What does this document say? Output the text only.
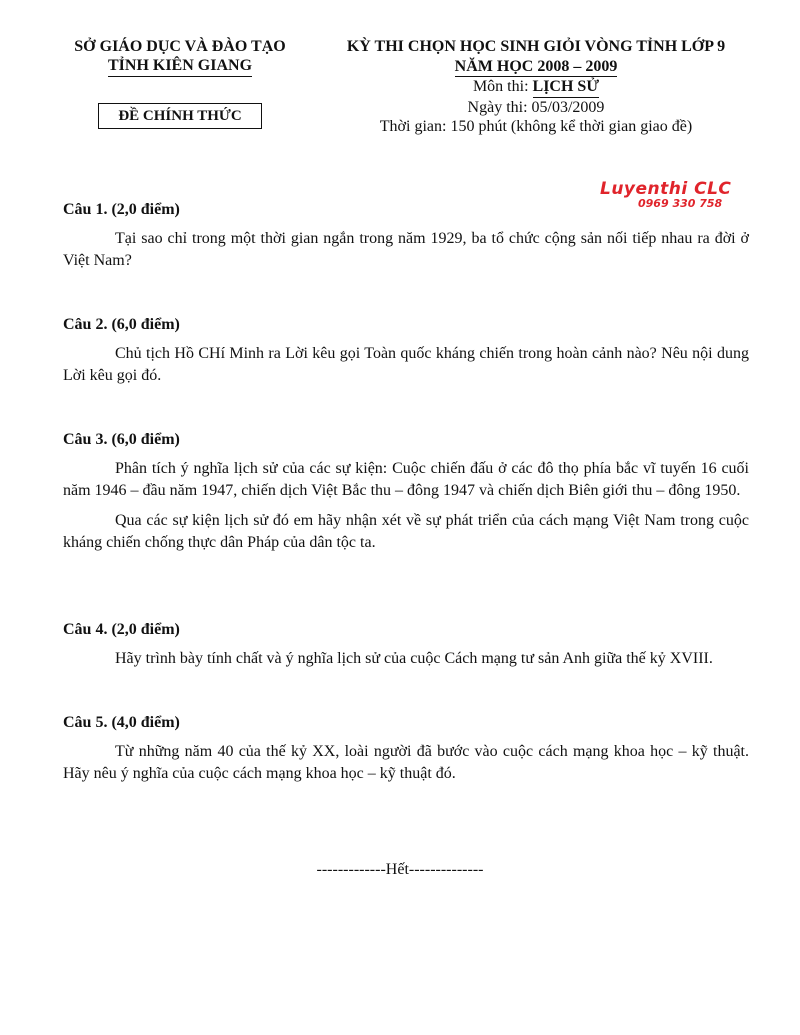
SỞ GIÁO DỤC VÀ ĐÀO TẠO
TỈNH KIÊN GIANG
ĐỀ CHÍNH THỨC
KỲ THI CHỌN HỌC SINH GIỎI VÒNG TỈNH LỚP 9
NĂM HỌC 2008 – 2009
Môn thi: LỊCH SỬ
Ngày thi: 05/03/2009
Thời gian: 150 phút (không kể thời gian giao đề)
Luyenthi CLC
0969 330 758
Câu 1. (2,0 điểm)
Tại sao chỉ trong một thời gian ngắn trong năm 1929, ba tổ chức cộng sản nối tiếp nhau ra đời ở Việt Nam?
Câu 2. (6,0 điểm)
Chủ tịch Hồ CHí Minh ra Lời kêu gọi Toàn quốc kháng chiến trong hoàn cảnh nào? Nêu nội dung Lời kêu gọi đó.
Câu 3. (6,0 điểm)
Phân tích ý nghĩa lịch sử của các sự kiện: Cuộc chiến đấu ở các đô thọ phía bắc vĩ tuyến 16 cuối năm 1946 – đầu năm 1947, chiến dịch Việt Bắc thu – đông 1947 và chiến dịch Biên giới thu – đông 1950.
Qua các sự kiện lịch sử đó em hãy nhận xét về sự phát triển của cách mạng Việt Nam trong cuộc kháng chiến chống thực dân Pháp của dân tộc ta.
Câu 4. (2,0 điểm)
Hãy trình bày tính chất và ý nghĩa lịch sử của cuộc Cách mạng tư sản Anh giữa thế kỷ XVIII.
Câu 5. (4,0 điểm)
Từ những năm 40 của thế kỷ XX, loài người đã bước vào cuộc cách mạng khoa học – kỹ thuật. Hãy nêu ý nghĩa của cuộc cách mạng khoa học – kỹ thuật đó.
-------------Hết--------------
